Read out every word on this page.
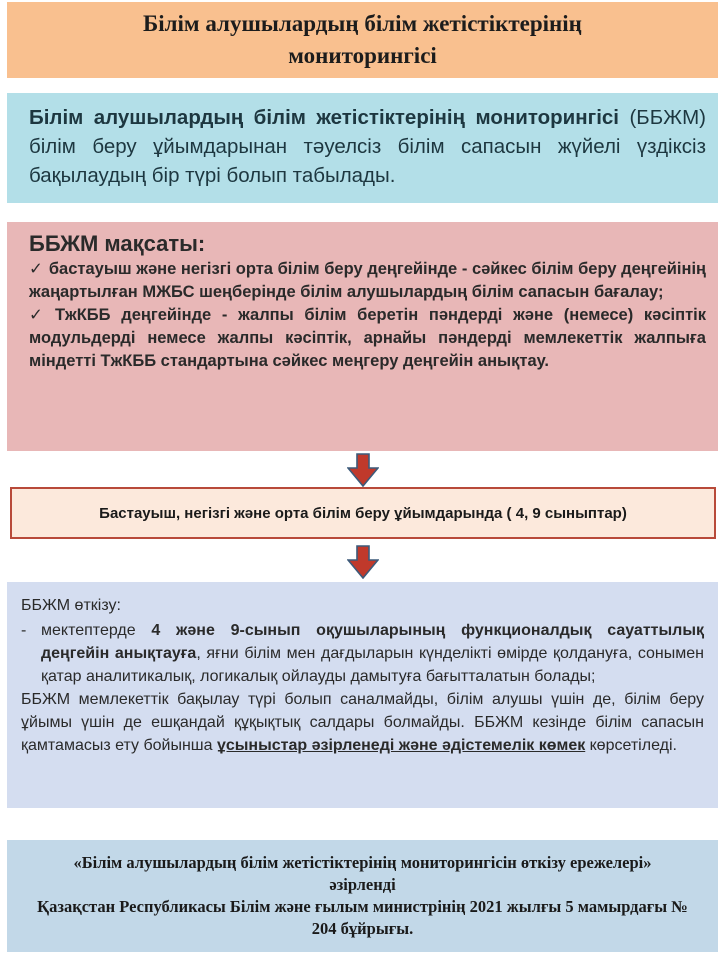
Білім алушылардың білім жетістіктерінің мониторингісі
Білім алушылардың білім жетістіктерінің мониторингісі (ББЖМ) білім беру ұйымдарынан тәуелсіз білім сапасын жүйелі үздіксіз бақылаудың бір түрі болып табылады.
ББЖМ мақсаты:
✓ бастауыш және негізгі орта білім беру деңгейінде - сәйкес білім беру деңгейінің жаңартылған МЖБС шеңберінде білім алушылардың білім сапасын бағалау;
✓ ТжКББ деңгейінде - жалпы білім беретін пәндерді және (немесе) кәсіптік модульдерді немесе жалпы кәсіптік, арнайы пәндерді мемлекеттік жалпыға міндетті ТжКББ стандартына сәйкес меңгеру деңгейін анықтау.
Бастауыш, негізгі және орта білім беру ұйымдарында ( 4, 9 сыныптар)
ББЖМ өткізу:
- мектептерде 4 және 9-сынып оқушыларының функционалдық сауаттылық деңгейін анықтауға, яғни білім мен дағдыларын күнделікті өмірде қолдануға, сонымен қатар аналитикалық, логикалық ойлауды дамытуға бағытталатын болады;
ББЖМ мемлекеттік бақылау түрі болып саналмайды, білім алушы үшін де, білім беру ұйымы үшін де ешқандай құқықтық салдары болмайды. ББЖМ кезінде білім сапасын қамтамасыз ету бойынша ұсыныстар әзірленеді және әдістемелік көмек көрсетіледі.
«Білім алушылардың білім жетістіктерінің мониторингісін өткізу ережелері»
әзірленді
Қазақстан Республикасы Білім және ғылым министрінің 2021 жылғы 5 мамырдағы № 204 бұйрығы.
